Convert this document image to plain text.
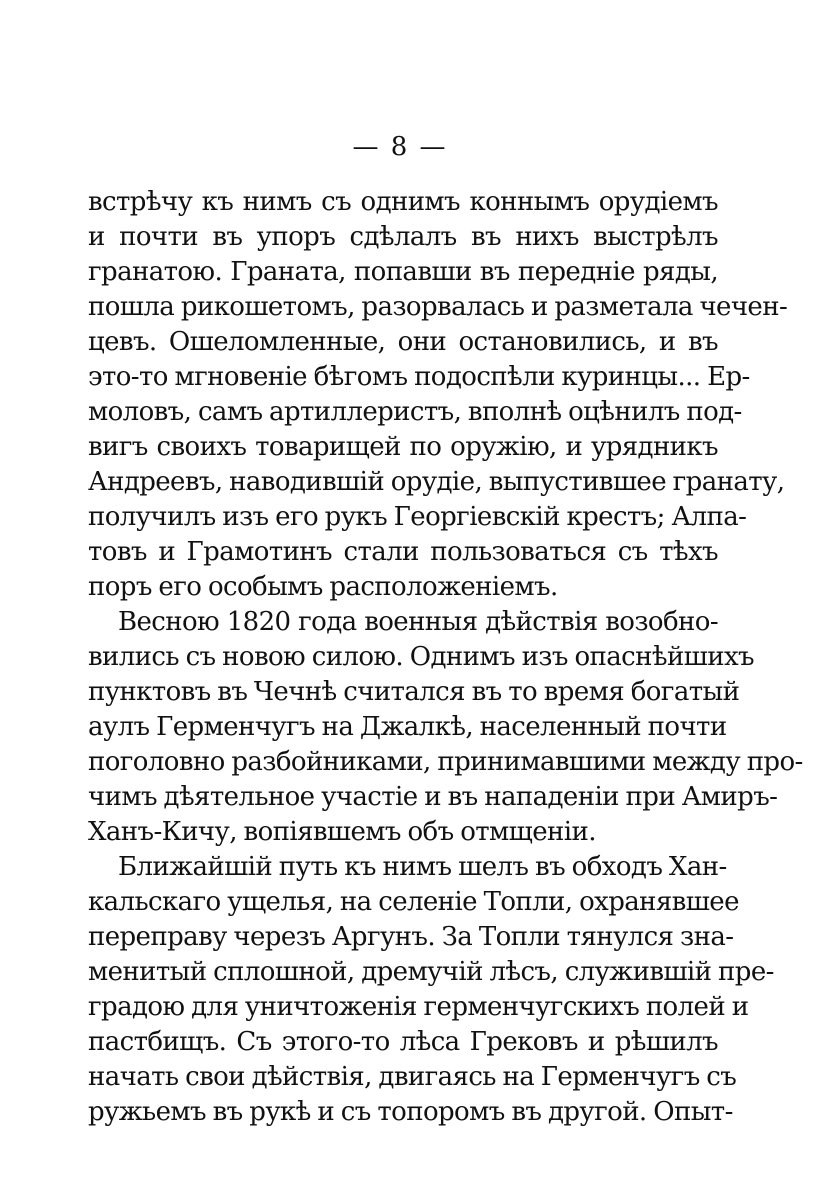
— 8 —
встрѣчу къ нимъ съ однимъ коннымъ орудіемъ
и почти въ упоръ сдѣлалъ въ нихъ выстрѣлъ
гранатою. Граната, попавши въ передніе ряды,
пошла рикошетомъ, разорвалась и разметала чечен-
цевъ. Ошеломленные, они остановились, и въ
это-то мгновеніе бѣгомъ подоспѣли куринцы... Ер-
моловъ, самъ артиллеристъ, вполнѣ оцѣнилъ под-
вигъ своихъ товарищей по оружію, и урядникъ
Андреевъ, наводившій орудіе, выпустившее гранату,
получилъ изъ его рукъ Георгіевскій крестъ; Алпа-
товъ и Грамотинъ стали пользоваться съ тѣхъ
поръ его особымъ расположеніемъ.
Весною 1820 года военныя дѣйствія возобно-
вились съ новою силою. Однимъ изъ опаснѣйшихъ
пунктовъ въ Чечнѣ считался въ то время богатый
аулъ Герменчугъ на Джалкѣ, населенный почти
поголовно разбойниками, принимавшими между про-
чимъ дѣятельное участіе и въ нападеніи при Амиръ-
Ханъ-Кичу, вопіявшемъ объ отмщеніи.
Ближайшій путь къ нимъ шелъ въ обходъ Хан-
кальскаго ущелья, на селеніе Топли, охранявшее
переправу черезъ Аргунъ. За Топли тянулся зна-
менитый сплошной, дремучій лѣсъ, служившій пре-
градою для уничтоженія герменчугскихъ полей и
пастбищъ. Съ этого-то лѣса Грековъ и рѣшилъ
начать свои дѣйствія, двигаясь на Герменчугъ съ
ружьемъ въ рукѣ и съ топоромъ въ другой. Опыт-
